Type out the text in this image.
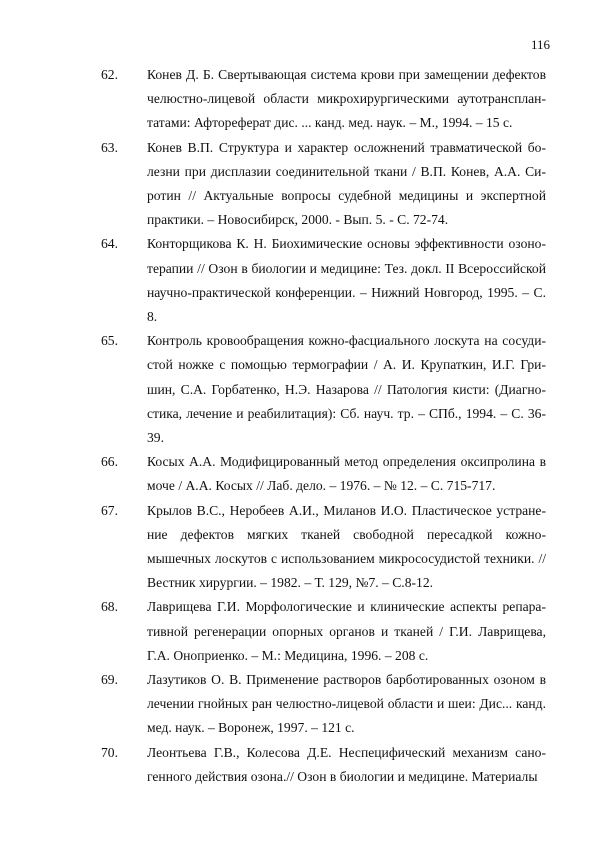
116
62.	Конев Д. Б. Свертывающая система крови при замещении дефектов челюстно-лицевой области микрохирургическими аутотрансплантатами: Афтореферат дис. ... канд. мед. наук. – М., 1994. – 15 с.
63.	Конев В.П. Структура и характер осложнений травматической болезни при дисплазии соединительной ткани / В.П. Конев, А.А. Сиротин // Актуальные вопросы судебной медицины и экспертной практики. – Новосибирск, 2000. - Вып. 5. - С. 72-74.
64.	Конторщикова К. Н. Биохимические основы эффективности озонотерапии // Озон в биологии и медицине: Тез. докл. II Всероссийской научно-практической конференции. – Нижний Новгород, 1995. – С. 8.
65.	Контроль кровообращения кожно-фасциального лоскута на сосудистой ножке с помощью термографии / А. И. Крупаткин, И.Г. Гришин, С.А. Горбатенко, Н.Э. Назарова // Патология кисти: (Диагностика, лечение и реабилитация): Сб. науч. тр. – СПб., 1994. – С. 36-39.
66.	Косых А.А. Модифицированный метод определения оксипролина в моче / А.А. Косых // Лаб. дело. – 1976. – № 12. – С. 715-717.
67.	Крылов В.С., Неробеев А.И., Миланов И.О. Пластическое устранение дефектов мягких тканей свободной пересадкой кожно-мышечных лоскутов с использованием микрососудистой техники. // Вестник хирургии. – 1982. – Т. 129, №7. – С.8-12.
68.	Лаврищева Г.И. Морфологические и клинические аспекты репаративной регенерации опорных органов и тканей / Г.И. Лаврищева, Г.А. Оноприенко. – М.: Медицина, 1996. – 208 с.
69.	Лазутиков О. В. Применение растворов барботированных озоном в лечении гнойных ран челюстно-лицевой области и шеи: Дис... канд. мед. наук. – Воронеж, 1997. – 121 с.
70.	Леонтьева Г.В., Колесова Д.Е. Неспецифический механизм саногенного действия озона.// Озон в биологии и медицине. Материалы
